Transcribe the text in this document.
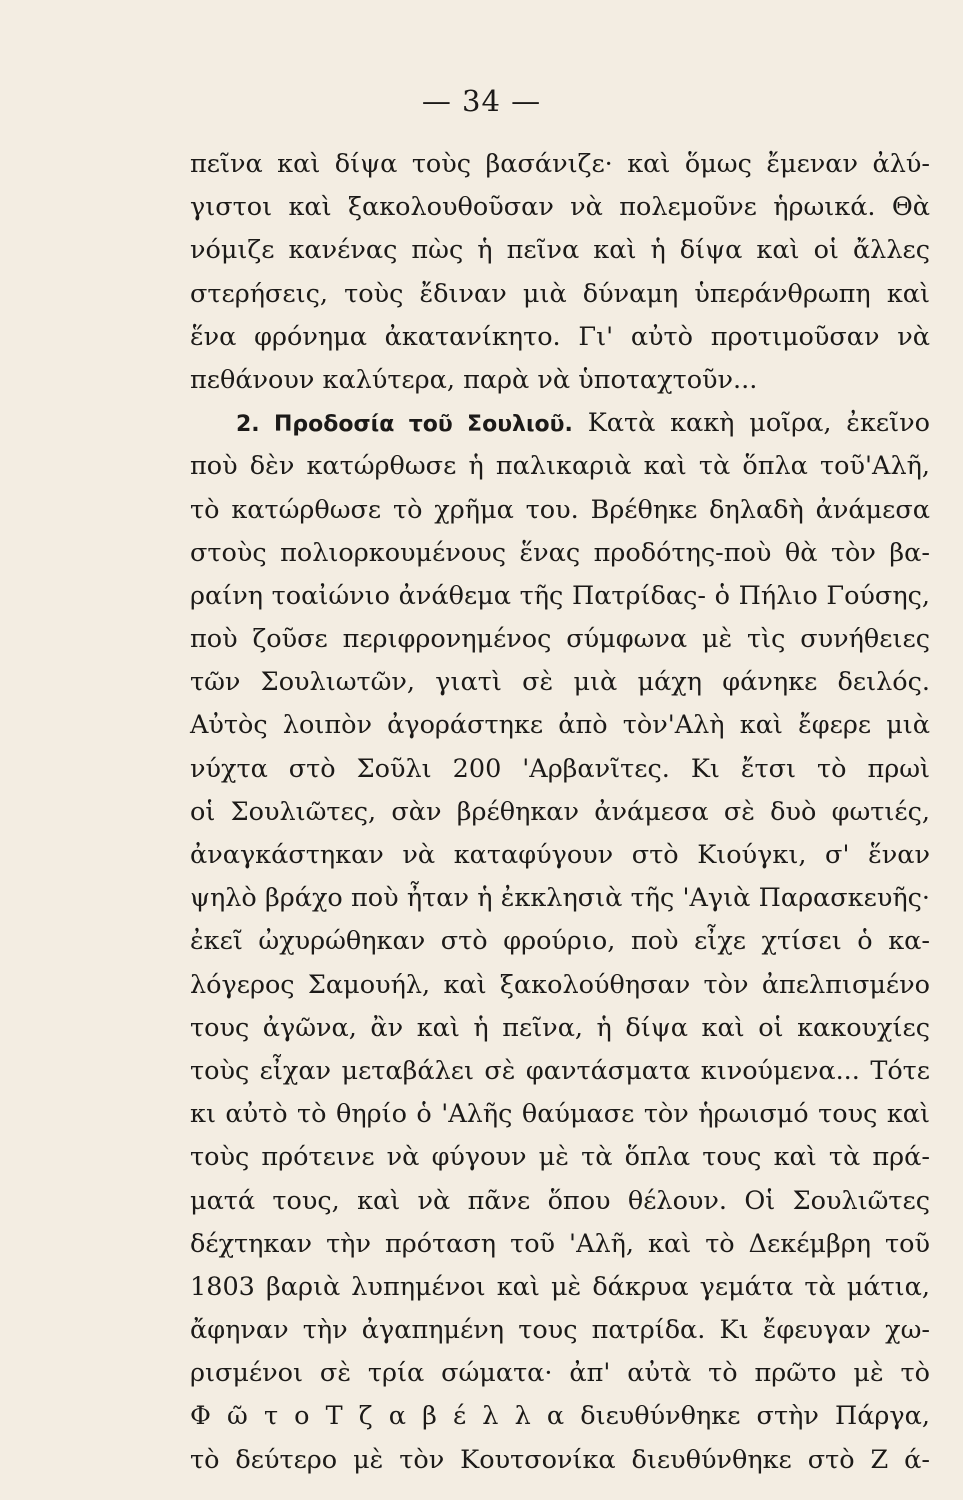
— 34 —
πεῖνα καὶ δίψα τοὺς βασάνιζε· καὶ ὅμως ἔμεναν ἀλύ-
γιστοι καὶ ξακολουθοῦσαν νὰ πολεμοῦνε ἡρωικά. Θὰ
νόμιζε κανένας πὼς ἡ πεῖνα καὶ ἡ δίψα καὶ οἱ ἄλλες
στερήσεις, τοὺς ἔδιναν μιὰ δύναμη ὑπεράνθρωπη καὶ
ἕνα φρόνημα ἀκατανίκητο. Γι' αὐτὸ προτιμοῦσαν νὰ
πεθάνουν καλύτερα, παρὰ νὰ ὑποταχτοῦν...
2. Προδοσία τοῦ Σουλιοῦ. Κατὰ κακὴ μοῖρα, ἐκεῖνο
ποὺ δὲν κατώρθωσε ἡ παλικαριὰ καὶ τὰ ὅπλα τοῦ'Αλῆ,
τὸ κατώρθωσε τὸ χρῆμα του. Βρέθηκε δηλαδὴ ἀνάμεσα
στοὺς πολιορκουμένους ἕνας προδότης-ποὺ θὰ τὸν βα-
ραίνη τοαἰώνιο ἀνάθεμα τῆς Πατρίδας- ὁ Πήλιο Γούσης,
ποὺ ζοῦσε περιφρονημένος σύμφωνα μὲ τὶς συνήθειες
τῶν Σουλιωτῶν, γιατὶ σὲ μιὰ μάχη φάνηκε δειλός.
Αὐτὸς λοιπὸν ἀγοράστηκε ἀπὸ τὸν'Αλὴ καὶ ἔφερε μιὰ
νύχτα στὸ Σοῦλι 200 'Αρβανῖτες. Κι ἔτσι τὸ πρωὶ
οἱ Σουλιῶτες, σὰν βρέθηκαν ἀνάμεσα σὲ δυὸ φωτιές,
ἀναγκάστηκαν νὰ καταφύγουν στὸ Κιούγκι, σ' ἕναν
ψηλὸ βράχο ποὺ ἦταν ἡ ἐκκλησιὰ τῆς 'Αγιὰ Παρασκευῆς·
ἐκεῖ ὠχυρώθηκαν στὸ φρούριο, ποὺ εἶχε χτίσει ὁ κα-
λόγερος Σαμουήλ, καὶ ξακολούθησαν τὸν ἀπελπισμένο
τους ἀγῶνα, ἂν καὶ ἡ πεῖνα, ἡ δίψα καὶ οἱ κακουχίες
τοὺς εἶχαν μεταβάλει σὲ φαντάσματα κινούμενα... Τότε
κι αὐτὸ τὸ θηρίο ὁ 'Αλῆς θαύμασε τὸν ἡρωισμό τους καὶ
τοὺς πρότεινε νὰ φύγουν μὲ τὰ ὅπλα τους καὶ τὰ πρά-
ματά τους, καὶ νὰ πᾶνε ὅπου θέλουν. Οἱ Σουλιῶτες
δέχτηκαν τὴν πρόταση τοῦ 'Αλῆ, καὶ τὸ Δεκέμβρη τοῦ
1803 βαριὰ λυπημένοι καὶ μὲ δάκρυα γεμάτα τὰ μάτια,
ἄφηναν τὴν ἀγαπημένη τους πατρίδα. Κι ἔφευγαν χω-
ρισμένοι σὲ τρία σώματα· ἀπ' αὐτὰ τὸ πρῶτο μὲ τὸ
Φ ῶ τ ο Τ ζ α β έ λ λ α διευθύνθηκε στὴν Πάργα,
τὸ δεύτερο μὲ τὸν Κουτσονίκα διευθύνθηκε στὸ Ζ ά-
